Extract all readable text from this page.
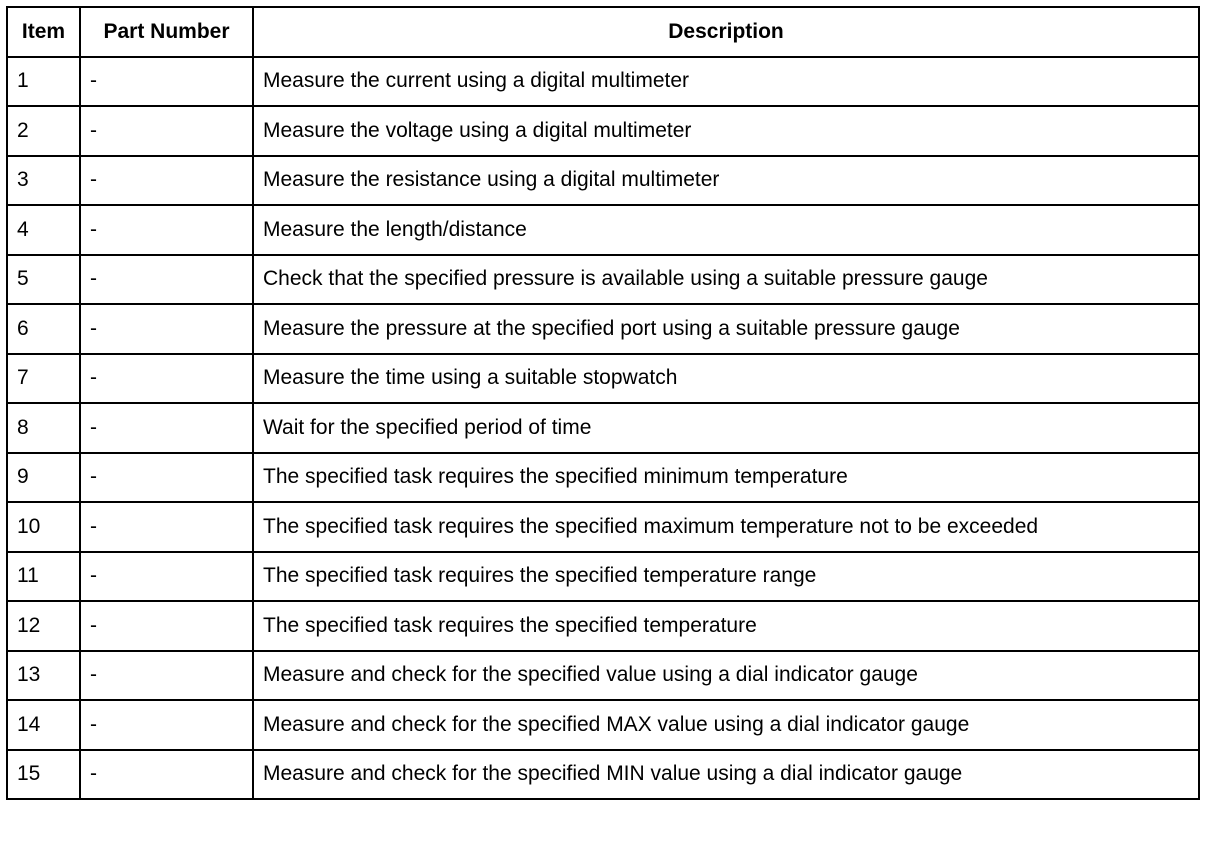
Item	Part Number	Description
1	-	Measure the current using a digital multimeter
2	-	Measure the voltage using a digital multimeter
3	-	Measure the resistance using a digital multimeter
4	-	Measure the length/distance
5	-	Check that the specified pressure is available using a suitable pressure gauge
6	-	Measure the pressure at the specified port using a suitable pressure gauge
7	-	Measure the time using a suitable stopwatch
8	-	Wait for the specified period of time
9	-	The specified task requires the specified minimum temperature
10	-	The specified task requires the specified maximum temperature not to be exceeded
11	-	The specified task requires the specified temperature range
12	-	The specified task requires the specified temperature
13	-	Measure and check for the specified value using a dial indicator gauge
14	-	Measure and check for the specified MAX value using a dial indicator gauge
15	-	Measure and check for the specified MIN value using a dial indicator gauge
